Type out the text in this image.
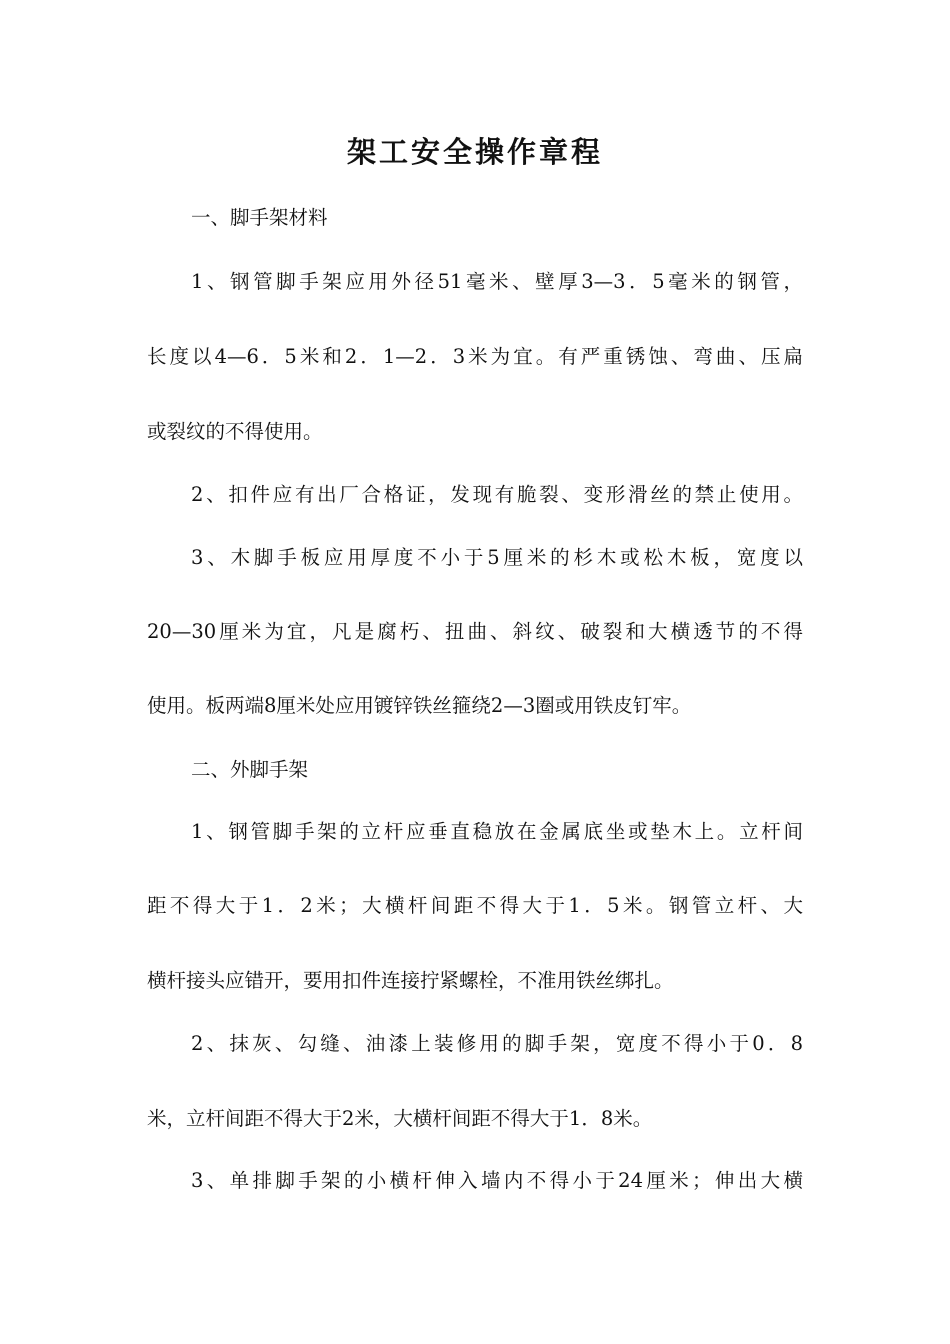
架工安全操作章程
一、脚手架材料
1、钢管脚手架应用外径51毫米、壁厚3—3．5毫米的钢管，
长度以4—6．5米和2．1—2．3米为宜。有严重锈蚀、弯曲、压扁
或裂纹的不得使用。
2、扣件应有出厂合格证，发现有脆裂、变形滑丝的禁止使用。
3、木脚手板应用厚度不小于5厘米的杉木或松木板，宽度以
20—30厘米为宜，凡是腐朽、扭曲、斜纹、破裂和大横透节的不得
使用。板两端8厘米处应用镀锌铁丝箍绕2—3圈或用铁皮钉牢。
二、外脚手架
1、钢管脚手架的立杆应垂直稳放在金属底坐或垫木上。立杆间
距不得大于1．2米；大横杆间距不得大于1．5米。钢管立杆、大
横杆接头应错开，要用扣件连接拧紧螺栓，不准用铁丝绑扎。
2、抹灰、勾缝、油漆上装修用的脚手架，宽度不得小于0．8
米，立杆间距不得大于2米，大横杆间距不得大于1．8米。
3、单排脚手架的小横杆伸入墙内不得小于24厘米；伸出大横
